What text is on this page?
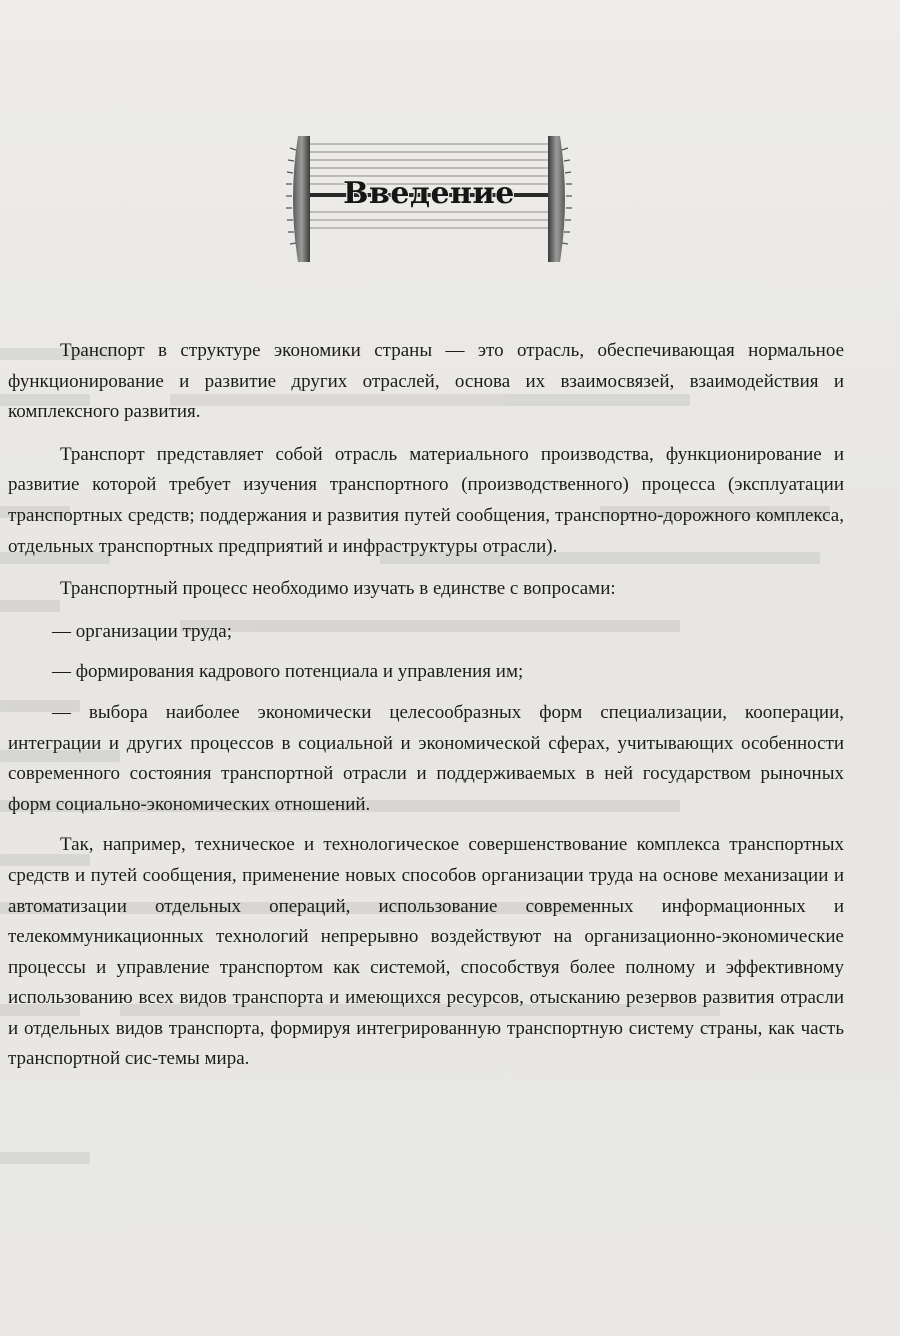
Введение

Транспорт в структуре экономики страны — это отрасль, обеспечивающая нормальное функционирование и развитие других отраслей, основа их взаимосвязей, взаимодействия и комплексного развития.

Транспорт представляет собой отрасль материального производства, функционирование и развитие которой требует изучения транспортного (производственного) процесса (эксплуатации транспортных средств; поддержания и развития путей сообщения, транспортно-дорожного комплекса, отдельных транспортных предприятий и инфраструктуры отрасли).

Транспортный процесс необходимо изучать в единстве с вопросами:

— организации труда;

— формирования кадрового потенциала и управления им;

— выбора наиболее экономически целесообразных форм специализации, кооперации, интеграции и других процессов в социальной и экономической сферах, учитывающих особенности современного состояния транспортной отрасли и поддерживаемых в ней государством рыночных форм социально-экономических отношений.

Так, например, техническое и технологическое совершенствование комплекса транспортных средств и путей сообщения, применение новых способов организации труда на основе механизации и автоматизации отдельных операций, использование современных информационных и телекоммуникационных технологий непрерывно воздействуют на организационно-экономические процессы и управление транспортом как системой, способствуя более полному и эффективному использованию всех видов транспорта и имеющихся ресурсов, отысканию резервов развития отрасли и отдельных видов транспорта, формируя интегрированную транспортную систему страны, как часть транспортной сис-темы мира.
